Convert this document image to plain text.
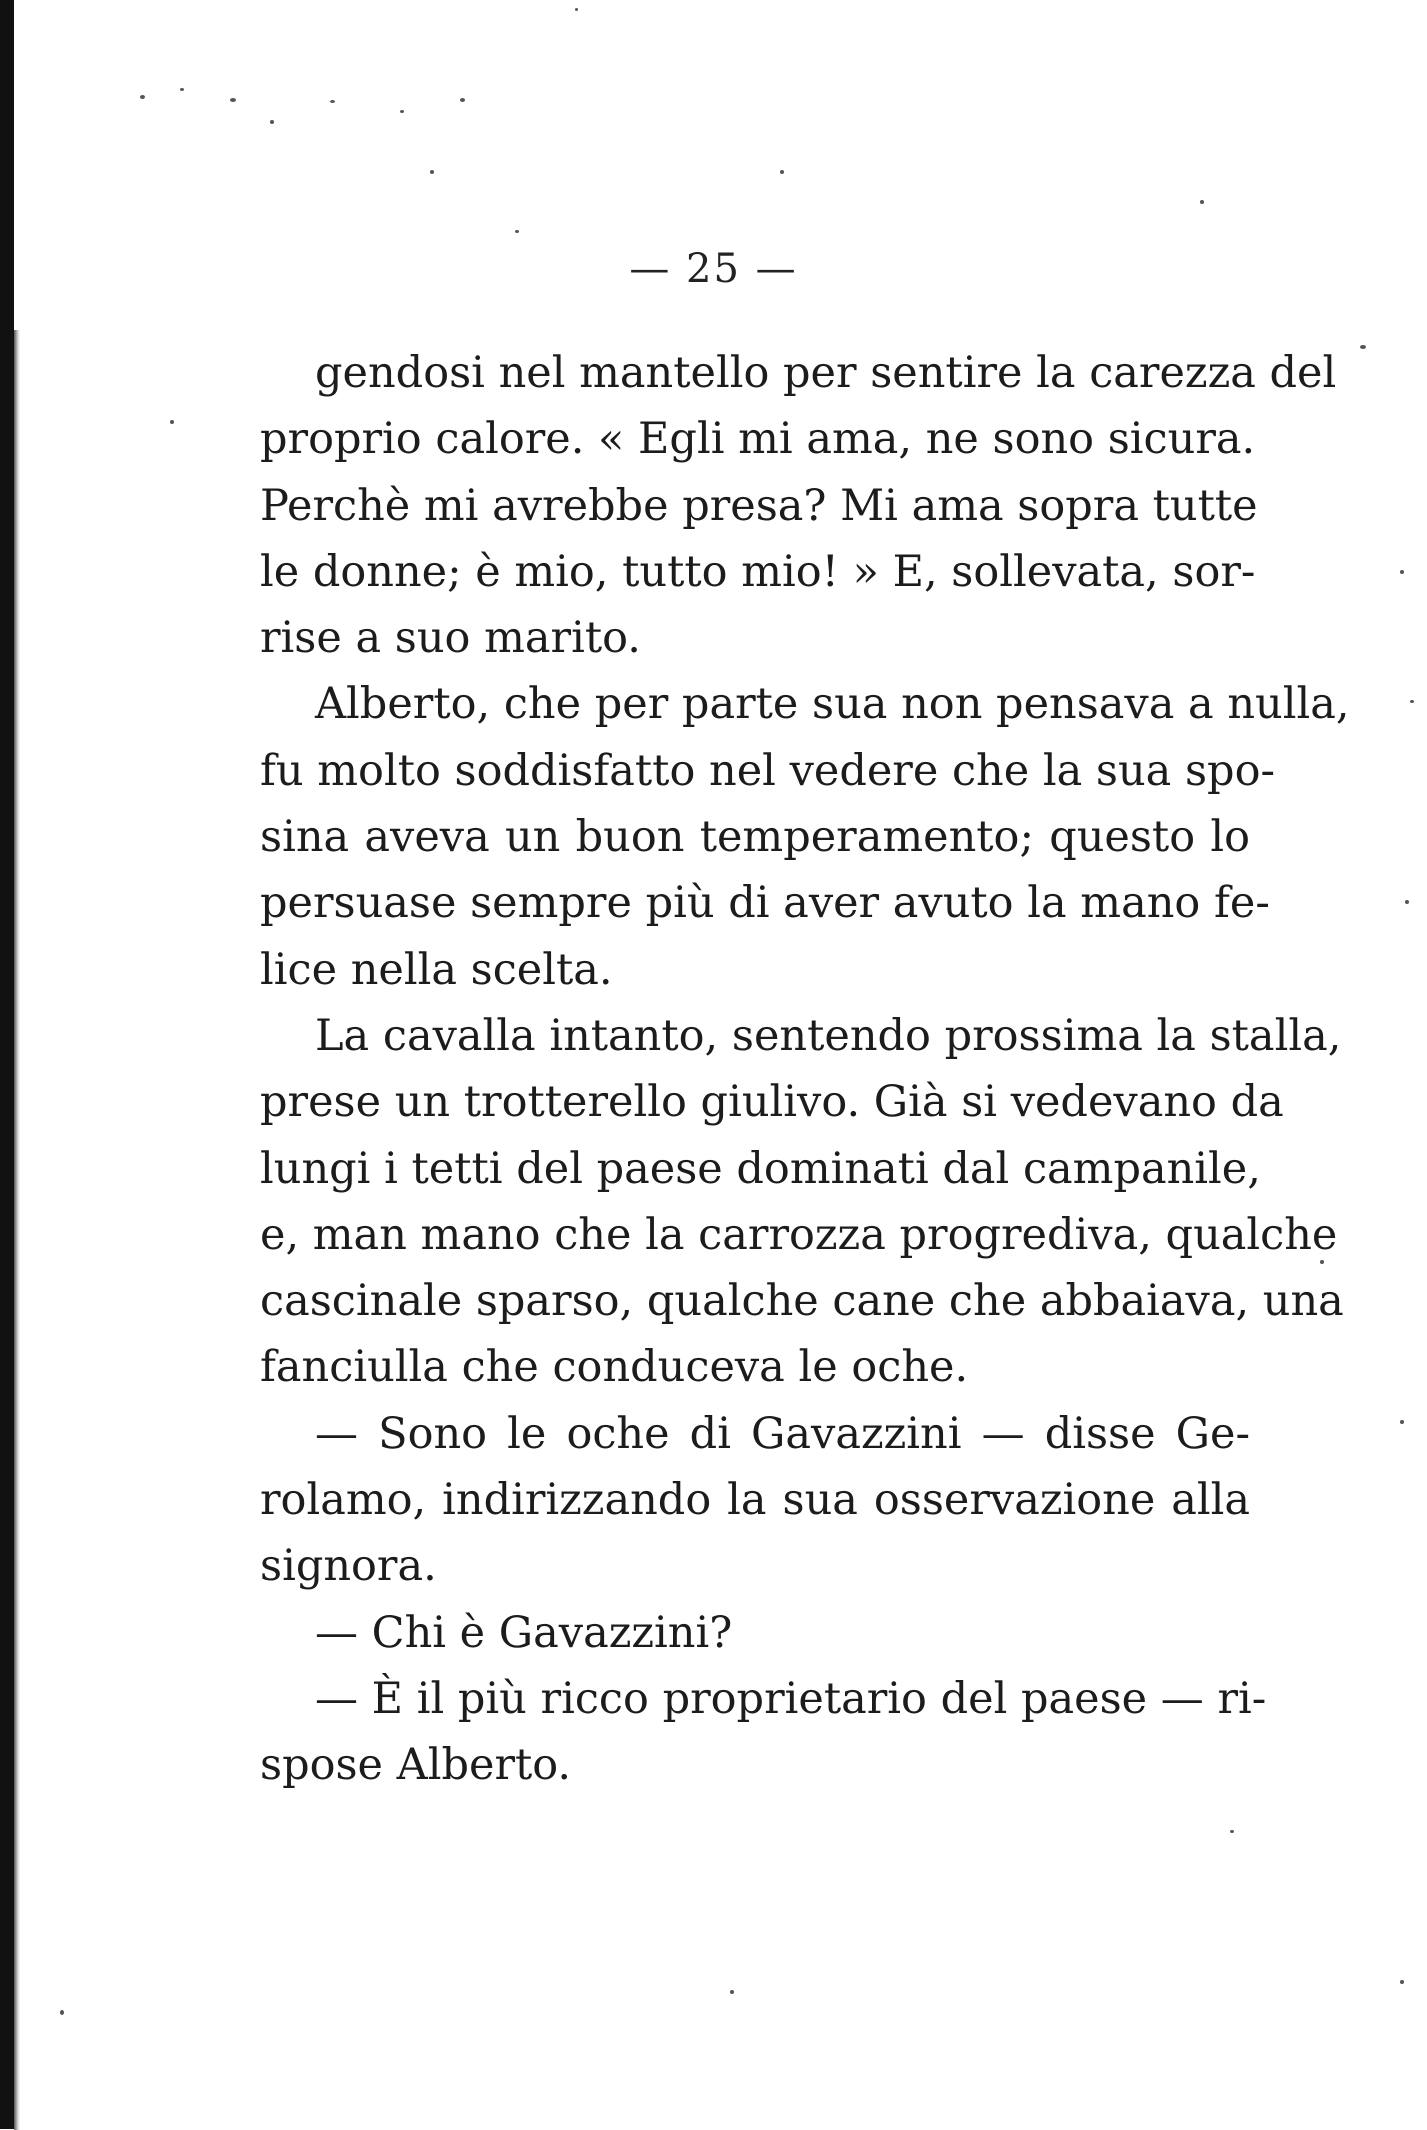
— 25 —
gendosi nel mantello per sentire la carezza del
proprio calore. « Egli mi ama, ne sono sicura.
Perchè mi avrebbe presa? Mi ama sopra tutte
le donne; è mio, tutto mio! » E, sollevata, sor-
rise a suo marito.
Alberto, che per parte sua non pensava a nulla,
fu molto soddisfatto nel vedere che la sua spo-
sina aveva un buon temperamento; questo lo
persuase sempre più di aver avuto la mano fe-
lice nella scelta.
La cavalla intanto, sentendo prossima la stalla,
prese un trotterello giulivo. Già si vedevano da
lungi i tetti del paese dominati dal campanile,
e, man mano che la carrozza progrediva, qualche
cascinale sparso, qualche cane che abbaiava, una
fanciulla che conduceva le oche.
— Sono le oche di Gavazzini — disse Ge-
rolamo, indirizzando la sua osservazione alla
signora.
— Chi è Gavazzini?
— È il più ricco proprietario del paese — ri-
spose Alberto.
